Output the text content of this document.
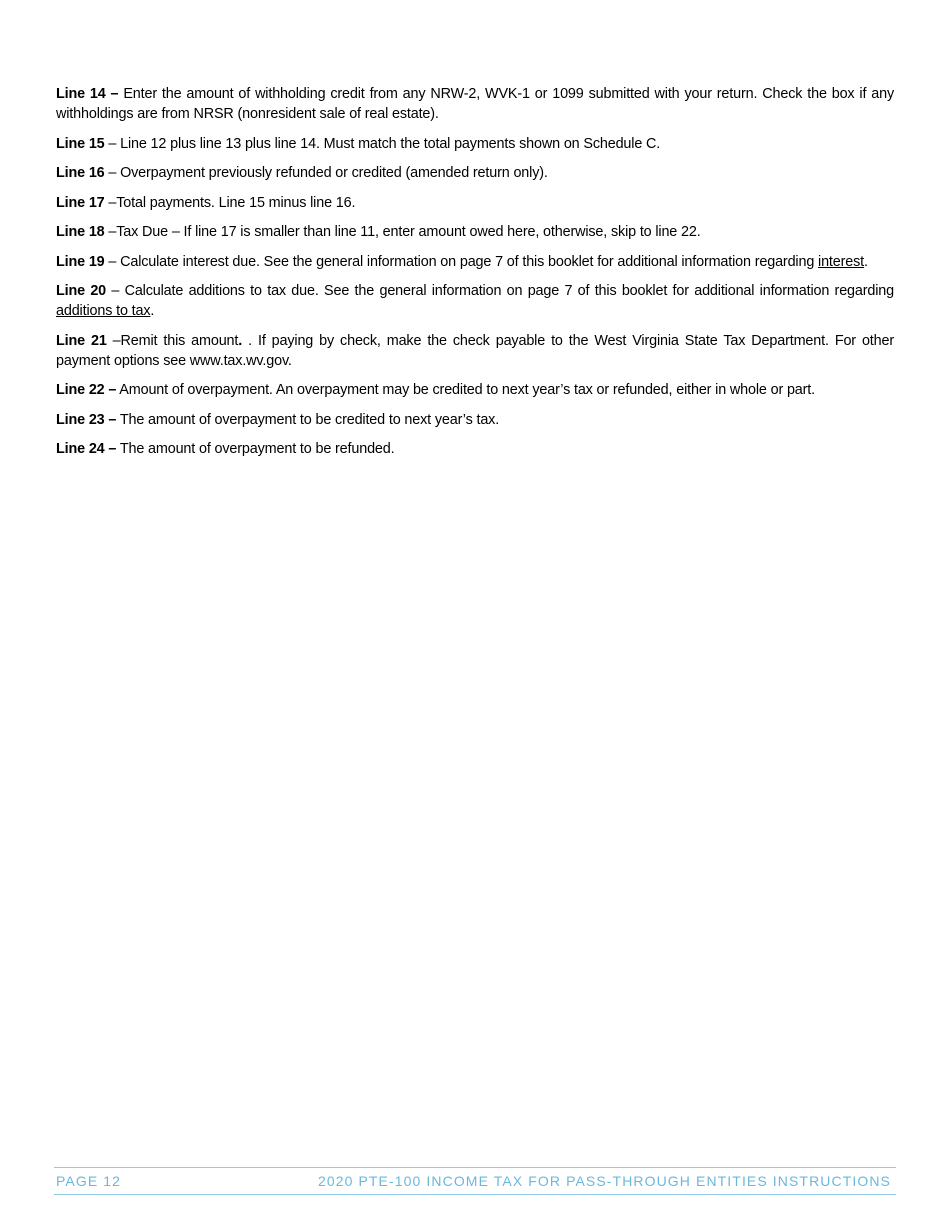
Line 14 – Enter the amount of withholding credit from any NRW-2, WVK-1 or 1099 submitted with your return. Check the box if any withholdings are from NRSR (nonresident sale of real estate).

Line 15 – Line 12 plus line 13 plus line 14. Must match the total payments shown on Schedule C.

Line 16 – Overpayment previously refunded or credited (amended return only).

Line 17 –Total payments. Line 15 minus line 16.

Line 18 –Tax Due – If line 17 is smaller than line 11, enter amount owed here, otherwise, skip to line 22.

Line 19 – Calculate interest due. See the general information on page 7 of this booklet for additional information regarding interest.

Line 20 – Calculate additions to tax due. See the general information on page 7 of this booklet for additional information regarding additions to tax.

Line 21 –Remit this amount. . If paying by check, make the check payable to the West Virginia State Tax Department. For other payment options see www.tax.wv.gov.

Line 22 – Amount of overpayment. An overpayment may be credited to next year’s tax or refunded, either in whole or part.

Line 23 – The amount of overpayment to be credited to next year’s tax.

Line 24 – The amount of overpayment to be refunded.

PAGE 12	2020 PTE-100 INCOME TAX FOR PASS-THROUGH ENTITIES INSTRUCTIONS
